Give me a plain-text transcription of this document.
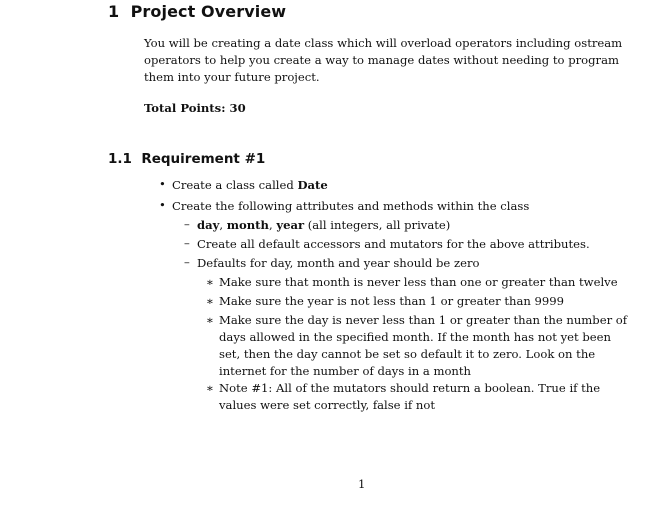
1 Project Overview
You will be creating a date class which will overload operators including ostream
operators to help you create a way to manage dates without needing to program
them into your future project.
Total Points: 30
1.1 Requirement #1
• Create a class called Date
• Create the following attributes and methods within the class
– day, month, year (all integers, all private)
– Create all default accessors and mutators for the above attributes.
– Defaults for day, month and year should be zero
∗ Make sure that month is never less than one or greater than twelve
∗ Make sure the year is not less than 1 or greater than 9999
∗ Make sure the day is never less than 1 or greater than the number of
days allowed in the specified month. If the month has not yet been
set, then the day cannot be set so default it to zero. Look on the
internet for the number of days in a month
∗ Note #1: All of the mutators should return a boolean. True if the
values were set correctly, false if not
1
